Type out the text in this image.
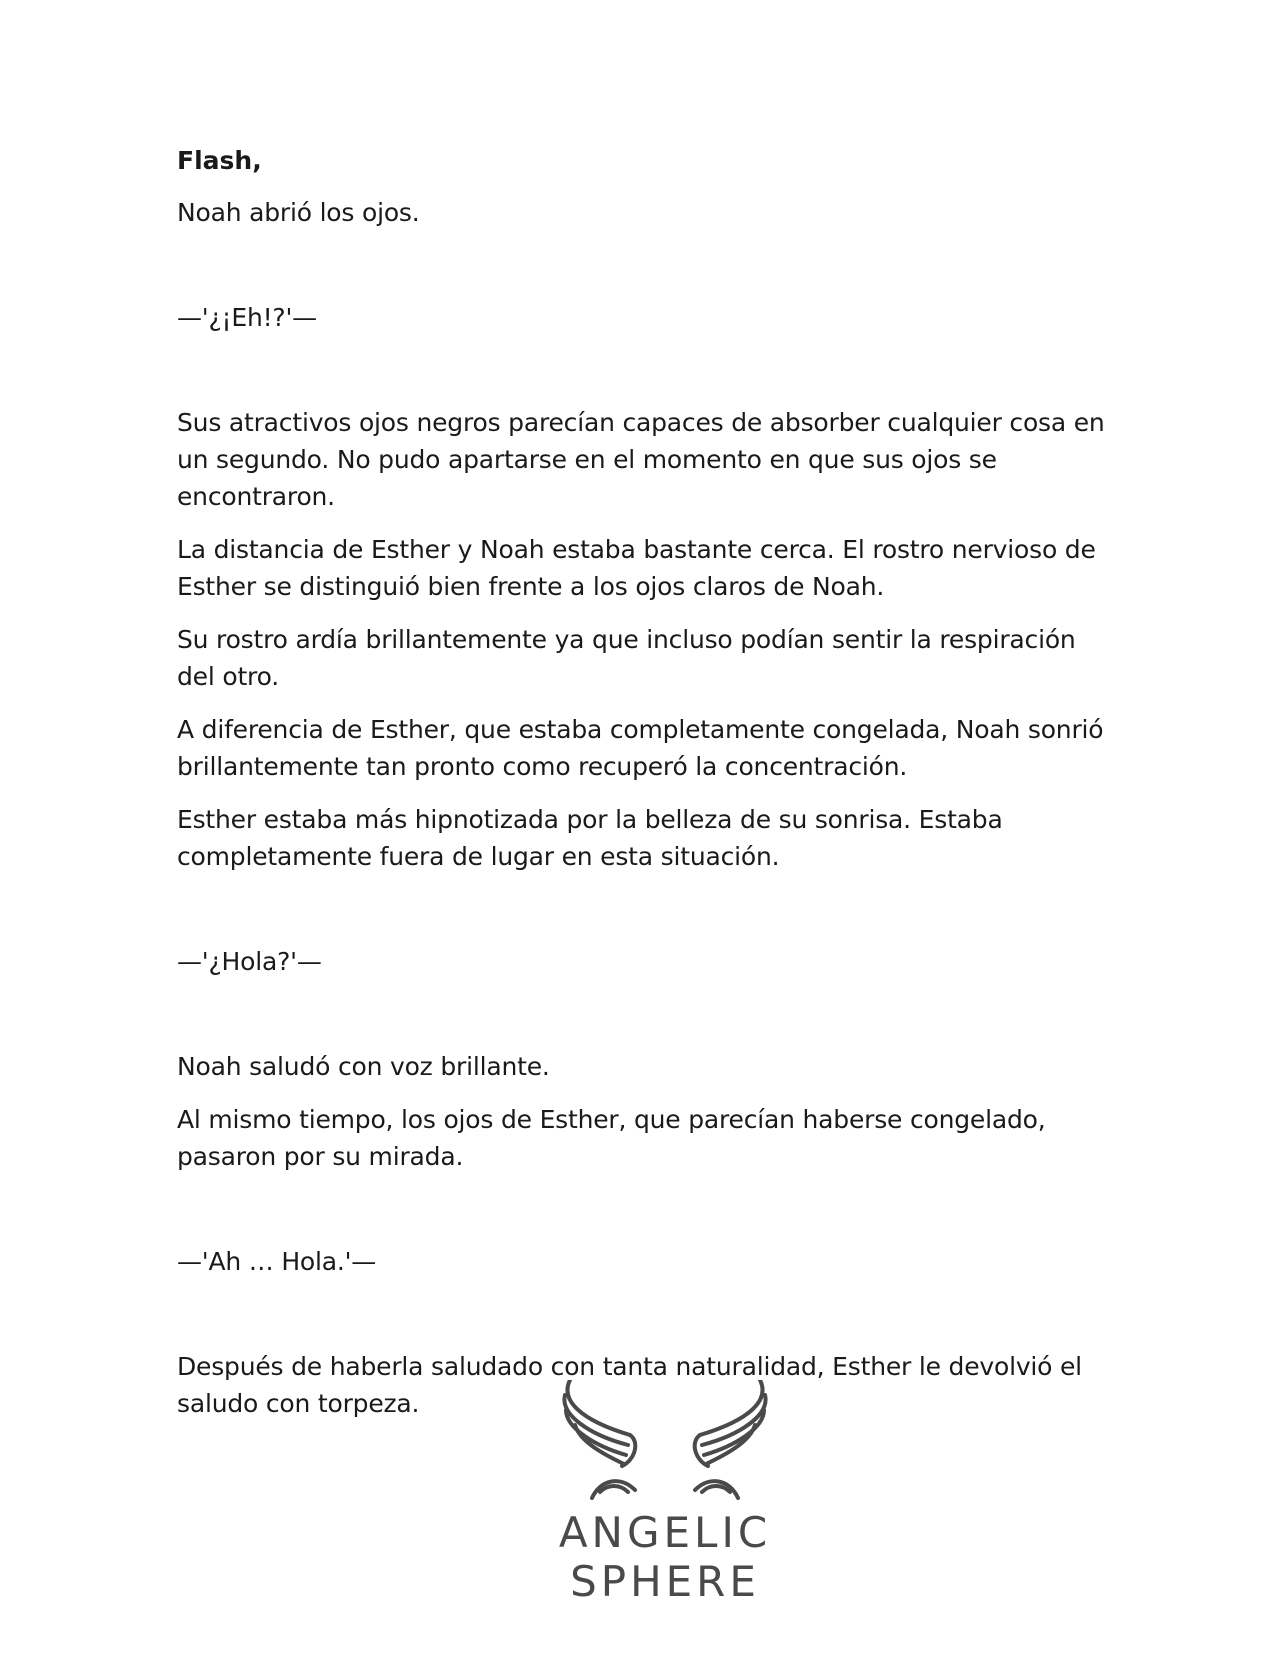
Flash,

Noah abrió los ojos.

—'¿¡Eh!?'—

Sus atractivos ojos negros parecían capaces de absorber cualquier cosa en un segundo. No pudo apartarse en el momento en que sus ojos se encontraron.

La distancia de Esther y Noah estaba bastante cerca. El rostro nervioso de Esther se distinguió bien frente a los ojos claros de Noah.

Su rostro ardía brillantemente ya que incluso podían sentir la respiración del otro.

A diferencia de Esther, que estaba completamente congelada, Noah sonrió brillantemente tan pronto como recuperó la concentración.

Esther estaba más hipnotizada por la belleza de su sonrisa. Estaba completamente fuera de lugar en esta situación.

—'¿Hola?'—

Noah saludó con voz brillante.

Al mismo tiempo, los ojos de Esther, que parecían haberse congelado, pasaron por su mirada.

—'Ah … Hola.'—

Después de haberla saludado con tanta naturalidad, Esther le devolvió el saludo con torpeza.

ANGELIC SPHERE
